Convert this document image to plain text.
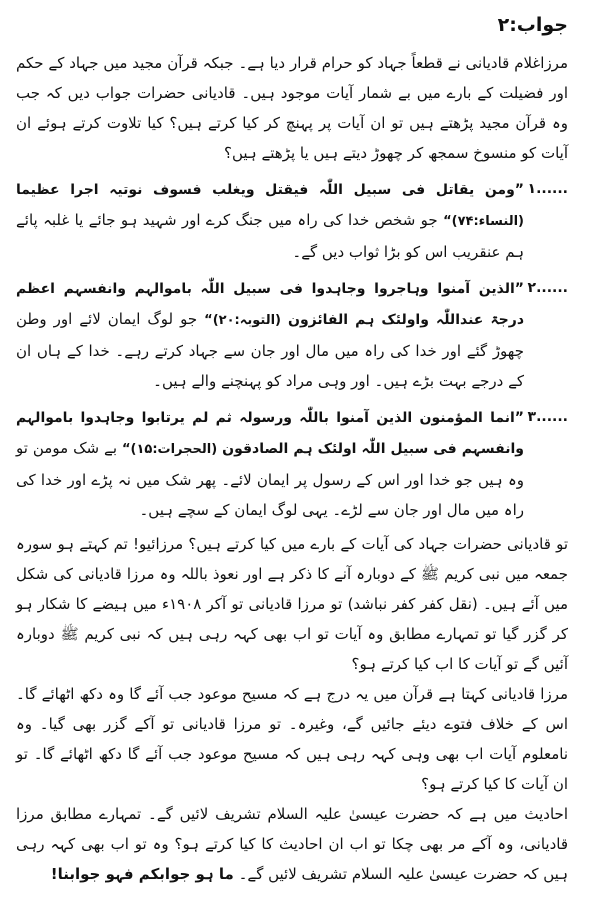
جواب:۲

مرزاغلام قادیانی نے قطعاً جہاد کو حرام قرار دیا ہے۔ جبکہ قرآن مجید میں جہاد کے حکم اور فضیلت کے بارے میں بے شمار آیات موجود ہیں۔ قادیانی حضرات جواب دیں کہ جب وہ قرآن مجید پڑھتے ہیں تو ان آیات پر پہنچ کر کیا کرتے ہیں؟ کیا تلاوت کرتے ہوئے ان آیات کو منسوخ سمجھ کر چھوڑ دیتے ہیں یا پڑھتے ہیں؟

۱......
”ومن یقاتل فی سبیل اللّٰہ فیقتل ویغلب فسوف نوتیہ اجرا عظیما (النساء:۷۴)“ جو شخص خدا کی راہ میں جنگ کرے اور شہید ہو جائے یا غلبہ پائے ہم عنقریب اس کو بڑا ثواب دیں گے۔
۲......
”الذین آمنوا وہاجروا وجاہدوا فی سبیل اللّٰہ باموالہم وانفسہم اعظم درجۃ عنداللّٰہ واولئک ہم الفائزون (التوبہ:۲۰)“ جو لوگ ایمان لائے اور وطن چھوڑ گئے اور خدا کی راہ میں مال اور جان سے جہاد کرتے رہے۔ خدا کے ہاں ان کے درجے بہت بڑے ہیں۔ اور وہی مراد کو پہنچنے والے ہیں۔
۳......
”انما المؤمنون الذین آمنوا باللّٰہ ورسولہ ثم لم یرتابوا وجاہدوا باموالہم وانفسہم فی سبیل اللّٰہ اولئک ہم الصادقون (الحجرات:۱۵)“ بے شک مومن تو وہ ہیں جو خدا اور اس کے رسول پر ایمان لائے۔ پھر شک میں نہ پڑے اور خدا کی راہ میں مال اور جان سے لڑے۔ یہی لوگ ایمان کے سچے ہیں۔

تو قادیانی حضرات جہاد کی آیات کے بارے میں کیا کرتے ہیں؟ مرزائیو! تم کہتے ہو سورہ جمعہ میں نبی کریم ﷺ کے دوبارہ آنے کا ذکر ہے اور نعوذ باللہ وہ مرزا قادیانی کی شکل میں آئے ہیں۔ (نقل کفر کفر نباشد) تو مرزا قادیانی تو آکر ۱۹۰۸ء میں ہیضے کا شکار ہو کر گزر گیا تو تمہارے مطابق وہ آیات تو اب بھی کہہ رہی ہیں کہ نبی کریم ﷺ دوبارہ آئیں گے تو آیات کا اب کیا کرتے ہو؟

مرزا قادیانی کہتا ہے قرآن میں یہ درج ہے کہ مسیح موعود جب آئے گا وہ دکھ اٹھائے گا۔ اس کے خلاف فتوے دیئے جائیں گے، وغیرہ۔ تو مرزا قادیانی تو آکے گزر بھی گیا۔ وہ نامعلوم آیات اب بھی وہی کہہ رہی ہیں کہ مسیح موعود جب آئے گا دکھ اٹھائے گا۔ تو ان آیات کا کیا کرتے ہو؟

احادیث میں ہے کہ حضرت عیسیٰ علیہ السلام تشریف لائیں گے۔ تمہارے مطابق مرزا قادیانی، وہ آکے مر بھی چکا تو اب ان احادیث کا کیا کرتے ہو؟ وہ تو اب بھی کہہ رہی ہیں کہ حضرت عیسیٰ علیہ السلام تشریف لائیں گے۔ ما ہو جوابکم فہو جوابنا!
